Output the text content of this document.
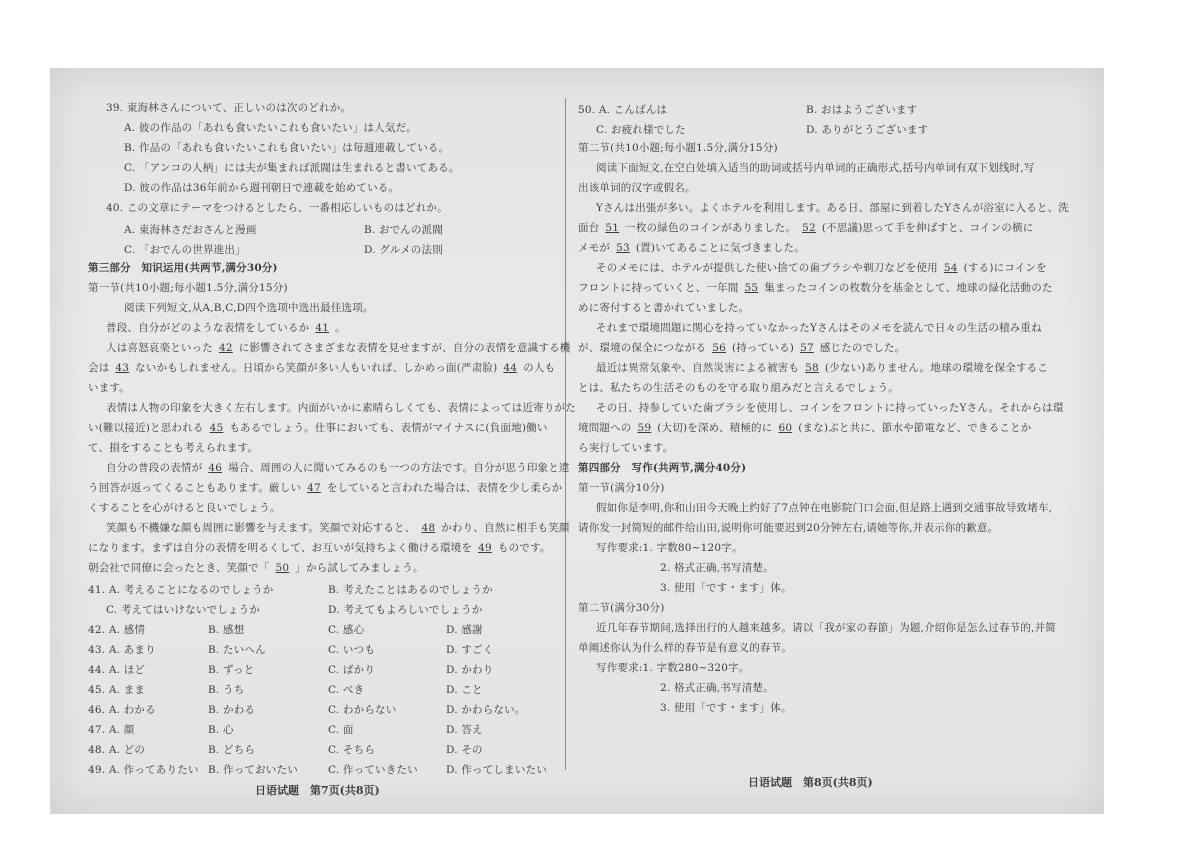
39. 東海林さんについて、正しいのは次のどれか。
A. 彼の作品の「あれも食いたいこれも食いたい」は人気だ。
B. 作品の「あれも食いたいこれも食いたい」は毎週連載している。
C. 「アンコの人柄」には夫が集まれば派閥は生まれると書いてある。
D. 彼の作品は36年前から週刊朝日で連載を始めている。
40. この文章にテーマをつけるとしたら、一番相応しいものはどれか。
A. 東海林さだおさんと漫画	B. おでんの派閥
C. 「おでんの世界進出」	D. グルメの法則
第三部分　知识运用(共两节,满分30分)
第一节(共10小题;每小题1.5分,满分15分)
阅读下列短文,从A,B,C,D四个选项中选出最佳选项。
普段、自分がどのような表情をしているか 41 。
人は喜怒哀楽といった 42 に影響されてさまざまな表情を見せますが、自分の表情を意識する機
会は 43 ないかもしれません。日頃から笑顔が多い人もいれば、しかめっ面(严肃脸) 44 の人も
います。
表情は人物の印象を大きく左右します。内面がいかに素晴らしくても、表情によっては近寄りがた
い(難以接近)と思われる 45 もあるでしょう。仕事においても、表情がマイナスに(負面地)働い
て、損をすることも考えられます。
自分の普段の表情が 46 場合、周囲の人に聞いてみるのも一つの方法です。自分が思う印象と違
う回答が返ってくることもあります。厳しい 47 をしていると言われた場合は、表情を少し柔らか
くすることを心がけると良いでしょう。
笑顔も不機嫌な顔も周囲に影響を与えます。笑顔で対応すると、 48 かわり、自然に相手も笑顔
になります。まずは自分の表情を明るくして、お互いが気持ちよく働ける環境を 49 ものです。
朝会社で同僚に会ったとき、笑顔で「 50 」から試してみましょう。
41. A. 考えることになるのでしょうか	B. 考えたことはあるのでしょうか
C. 考えてはいけないでしょうか	D. 考えてもよろしいでしょうか
42. A. 感情	B. 感想	C. 感心	D. 感謝
43. A. あまり	B. たいへん	C. いつも	D. すごく
44. A. ほど	B. ずっと	C. ばかり	D. かわり
45. A. まま	B. うち	C. べき	D. こと
46. A. わかる	B. かわる	C. わからない	D. かわらない。
47. A. 顔	B. 心	C. 面	D. 答え
48. A. どの	B. どちら	C. そちら	D. その
49. A. 作ってありたい B. 作っておいたい	C. 作っていきたい	D. 作ってしまいたい
日语试题　第7页(共8页)
50. A. こんばんは	B. おはようございます
C. お疲れ様でした	D. ありがとうございます
第二节(共10小题;每小题1.5分,满分15分)
阅读下面短文,在空白处填入适当的助词或括号内单词的正确形式,括号内单词有双下划线时,写
出该单词的汉字或假名。
Yさんは出張が多い。よくホテルを利用します。ある日、部屋に到着したYさんが浴室に入ると、洗
面台 51 一枚の緑色のコインがありました。 52 (不思議)思って手を伸ばすと、コインの横に
メモが 53 (置)いてあることに気づきました。
そのメモには、ホテルが提供した使い捨ての歯ブラシや剃刀などを使用 54 (する)にコインを
フロントに持っていくと、一年間 55 集まったコインの枚数分を基金として、地球の緑化活動のた
めに寄付すると書かれていました。
それまで環境問題に関心を持っていなかったYさんはそのメモを読んで日々の生活の積み重ね
が、環境の保全につながる 56 (持っている) 57 感じたのでした。
最近は異常気象や、自然災害による被害も 58 (少ない)ありません。地球の環境を保全するこ
とは、私たちの生活そのものを守る取り組みだと言えるでしょう。
その日、持参していた歯ブラシを使用し、コインをフロントに持っていったYさん。それからは環
境問題への 59 (大切)を深め、積極的に 60 (まな)ぶと共に、節水や節電など、できることか
ら実行しています。
第四部分　写作(共两节,满分40分)
第一节(满分10分)
假如你是李明,你和山田今天晚上约好了7点钟在电影院门口会面,但是路上遇到交通事故导致堵车,
请你发一封简短的邮件给山田,说明你可能要迟到20分钟左右,请她等你,并表示你的歉意。
写作要求:1. 字数80~120字。
2. 格式正确,书写清楚。
3. 使用「です・ます」体。
第二节(满分30分)
近几年春节期间,选择出行的人越来越多。请以「我が家の春節」为题,介绍你是怎么过春节的,并简
单阐述你认为什么样的春节是有意义的春节。
写作要求:1. 字数280~320字。
2. 格式正确,书写清楚。
3. 使用「です・ます」体。
日语试题　第8页(共8页)
